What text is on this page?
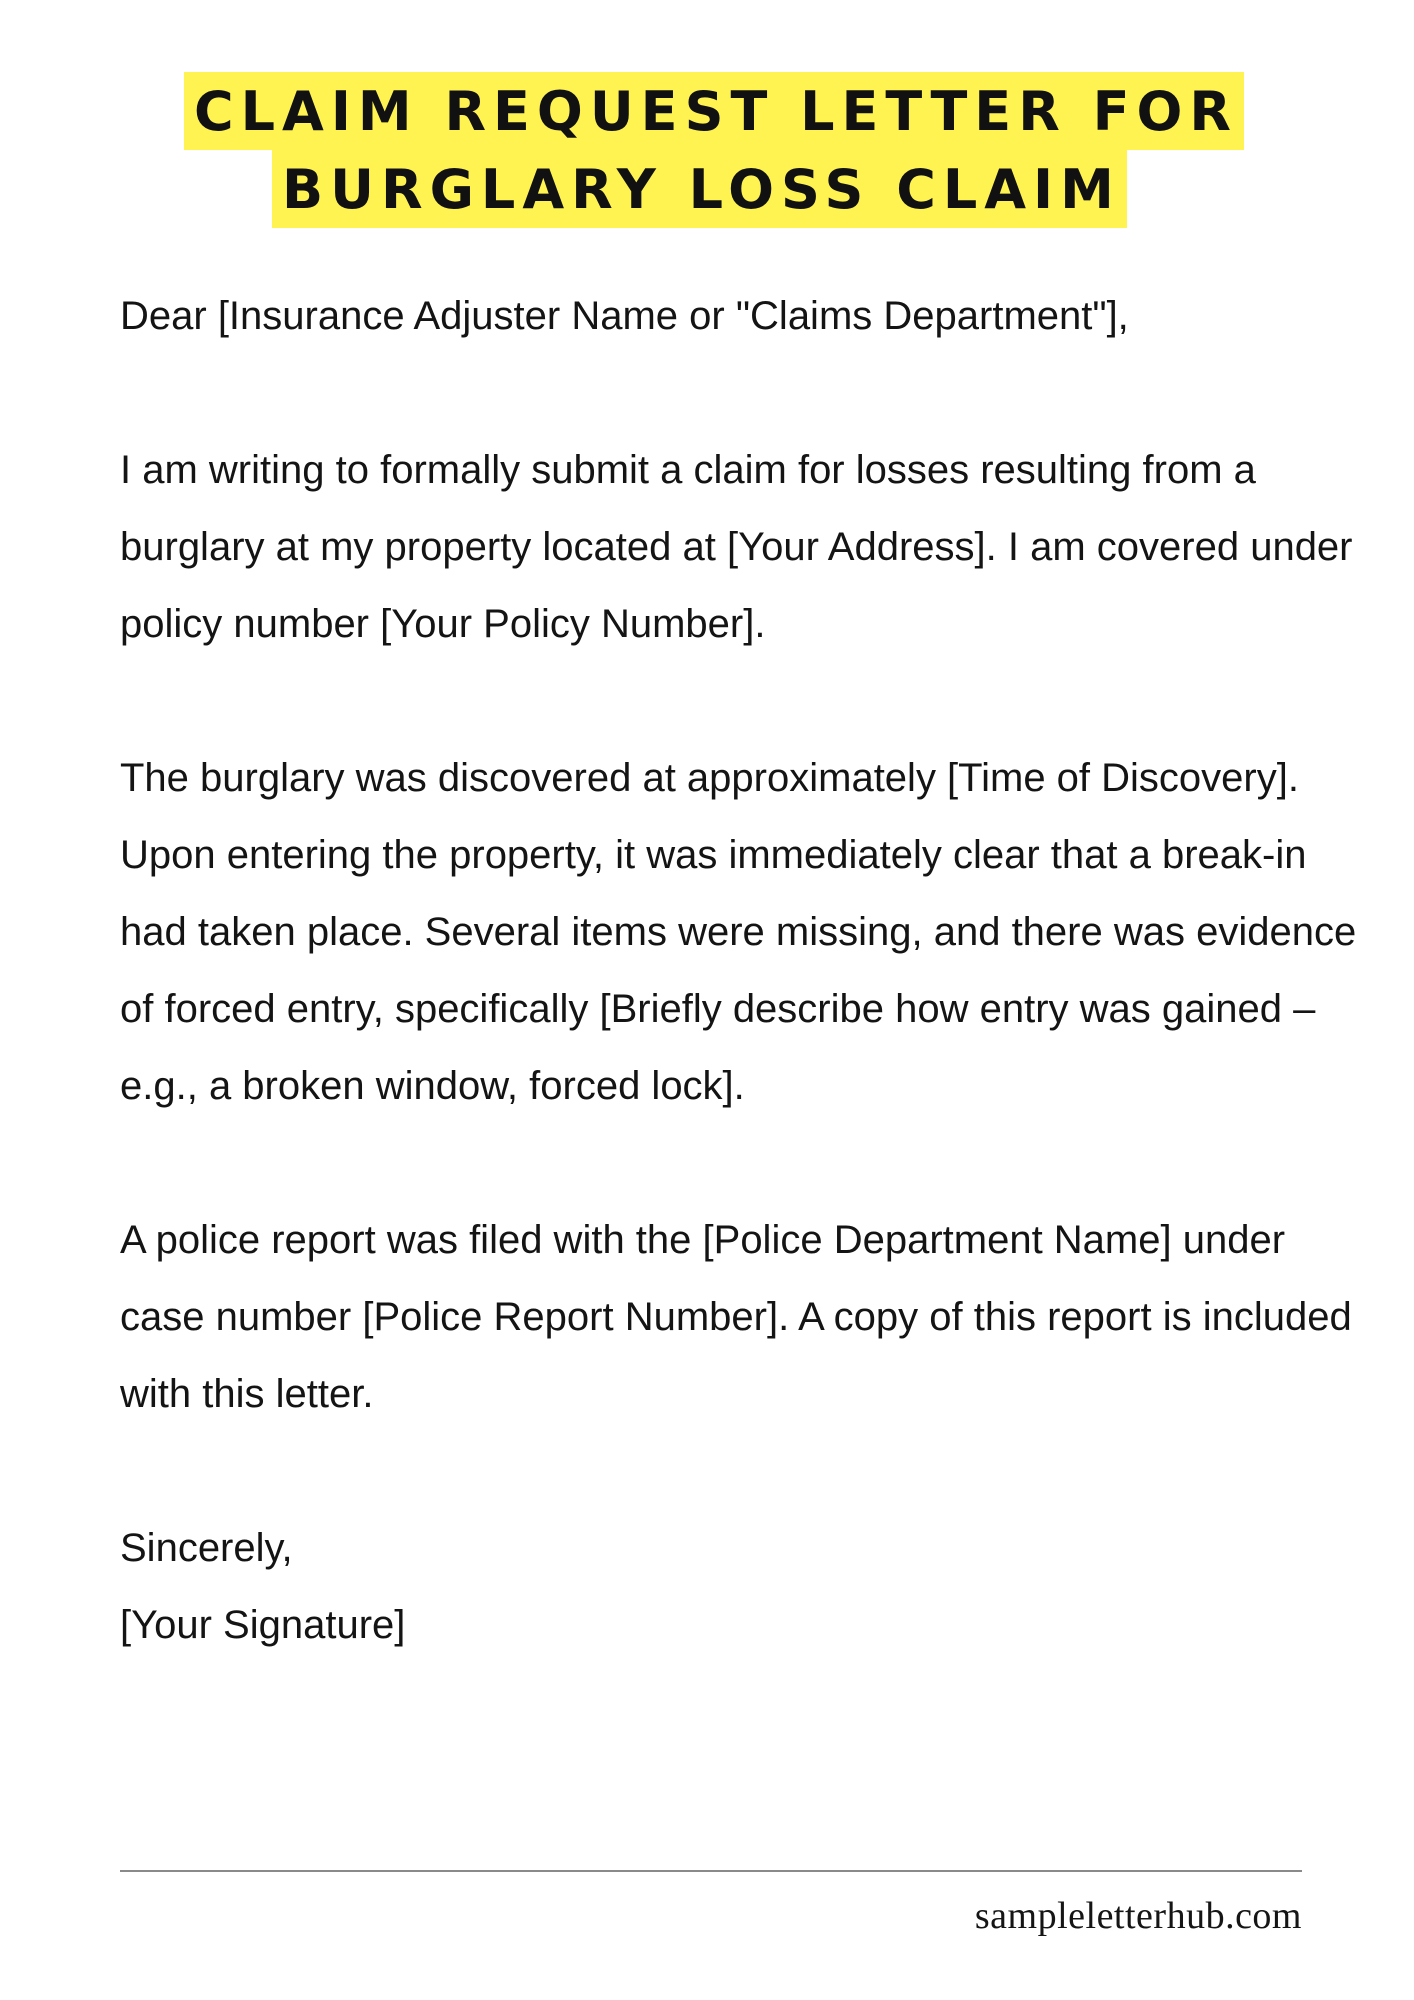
CLAIM REQUEST LETTER FOR
BURGLARY LOSS CLAIM

Dear [Insurance Adjuster Name or "Claims Department"],

I am writing to formally submit a claim for losses resulting from a burglary at my property located at [Your Address]. I am covered under policy number [Your Policy Number].

The burglary was discovered at approximately [Time of Discovery]. Upon entering the property, it was immediately clear that a break-in had taken place. Several items were missing, and there was evidence of forced entry, specifically [Briefly describe how entry was gained – e.g., a broken window, forced lock].

A police report was filed with the [Police Department Name] under case number [Police Report Number]. A copy of this report is included with this letter.

Sincerely,
[Your Signature]

sampleletterhub.com
